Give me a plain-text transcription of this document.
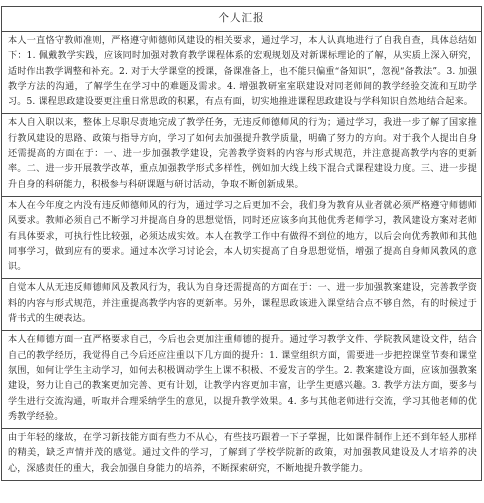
个人汇报
本人一直恪守教师准则，严格遵守师德师风建设的相关要求，通过学习，本人认真地进行了自我自查，具体总结如下：1. 佩戴教学实践，应该同时加强对教育教学课程体系的宏观规划及对新课标理论的了解，从实质上深入研究，适时作出教学调整和补充。2. 对于大学课堂的授课，备课准备上，也不能只偏重“备知识”，忽视“备教法”。3. 加强教学方法的沟通，了解学生在学习中的难题及需求。4. 增强教研室室联建设对同老师间的教学经验交流和互助学习。5. 课程思政建设要更注重日常思政的积累，有点有面，切实地推进课程思政建设与学科知识自然地结合起来。
本人自入职以来，整体上尽职尽责地完成了教学任务，无违反师德师风的行为；通过学习，我进一步了解了国家推行教风建设的思路、政策与指导方向，学习了如何去加强提升教学质量，明确了努力的方向。对于我个人提出自身还需提高的方面在于：一、进一步加强教学建设，完善教学资料的内容与形式规范，并注意提高教学内容的更新率。二、进一步开展教学改革，重点加强教学形式多样性，例如加大线上线下混合式课程建设力度。三、进一步提升自身的科研能力，积极参与科研课题与研讨活动，争取不断创新成果。
本人在今年度之内没有违反师德师风的行为，通过学习之后更加不会，我们身为教育从业者就必须严格遵守师德师风要求。教师必须自己不断学习并提高自身的思想觉悟，同时还应该多向其他优秀老师学习，教风建设方案对老师有具体要求，可执行性比较强，必须达成实效。本人在教学工作中有做得不到位的地方，以后会向优秀教师和其他同事学习，做到应有的要求。通过本次学习讨论会，本人切实提高了自身思想觉悟，增强了提高自身师风教风的意识。
自觉本人从无违反师德师风及教风行为，我认为自身还需提高的方面在于：一、进一步加强教案建设，完善教学资料的内容与形式规范，并注重提高教学内容的更新率。另外，课程思政该进入课堂结合点不够自然，有的时候过于背书式的生硬表达。
本人在师德方面一直严格要求自己，今后也会更加注重师德的提升。通过学习教学文件、学院教风建设文件，结合自己的教学经历，我觉得自己今后还应注重以下几方面的提升：1. 课堂组织方面，需要进一步把控课堂节奏和课堂氛围，如何让学生主动学习，如何去积极调动学生上课不积极、不爱发言的学生。2. 教案建设方面，应该加强教案建设，努力让自己的教案更加完善、更有计划，让教学内容更加丰富，让学生更感兴趣。3. 教学方法方面，要多与学生进行交流沟通，听取并合理采纳学生的意见，以提升教学效果。4. 多与其他老师进行交流，学习其他老师的优秀教学经验。
由于年轻的缘故，在学习新技能方面有些力不从心，有些技巧跟着一下子掌握，比如课件制作上还不到年轻人那样的精美，缺乏声情并茂的感觉。通过文件的学习，了解到了学校学院新的政策，对加强教风建设及人才培养的决心，深感责任的重大，我会加强自身能力的培养，不断探索研究，不断地提升教学能力。
